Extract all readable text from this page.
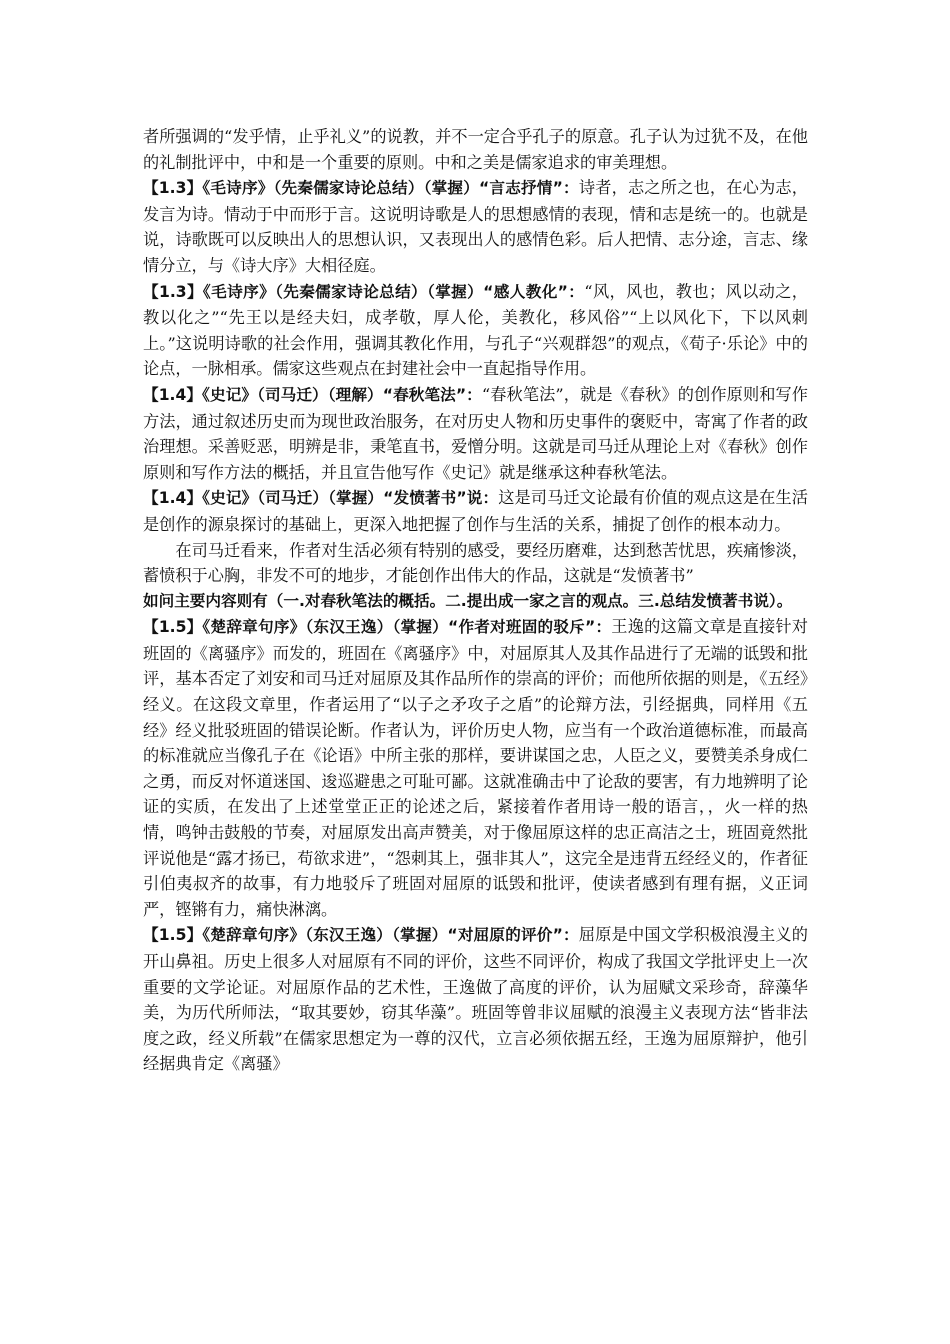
者所强调的“发乎情，止乎礼义”的说教，并不一定合乎孔子的原意。孔子认为过犹不及，在他的礼制批评中，中和是一个重要的原则。中和之美是儒家追求的审美理想。

【1.3】《毛诗序》（先秦儒家诗论总结）（掌握）“言志抒情”：诗者，志之所之也，在心为志，发言为诗。情动于中而形于言。这说明诗歌是人的思想感情的表现，情和志是统一的。也就是说，诗歌既可以反映出人的思想认识，又表现出人的感情色彩。后人把情、志分途，言志、缘情分立，与《诗大序》大相径庭。

【1.3】《毛诗序》（先秦儒家诗论总结）（掌握）“感人教化”：“风，风也，教也；风以动之，教以化之”“先王以是经夫妇，成孝敬，厚人伦，美教化，移风俗”“上以风化下，下以风刺上。”这说明诗歌的社会作用，强调其教化作用，与孔子“兴观群怨”的观点，《荀子·乐论》中的论点，一脉相承。儒家这些观点在封建社会中一直起指导作用。

【1.4】《史记》（司马迁）（理解）“春秋笔法”：“春秋笔法”，就是《春秋》的创作原则和写作方法，通过叙述历史而为现世政治服务，在对历史人物和历史事件的褒贬中，寄寓了作者的政治理想。采善贬恶，明辨是非，秉笔直书，爱憎分明。这就是司马迁从理论上对《春秋》创作原则和写作方法的概括，并且宣告他写作《史记》就是继承这种春秋笔法。

【1.4】《史记》（司马迁）（掌握）“发愤著书”说：这是司马迁文论最有价值的观点这是在生活是创作的源泉探讨的基础上，更深入地把握了创作与生活的关系，捕捉了创作的根本动力。

在司马迁看来，作者对生活必须有特别的感受，要经历磨难，达到愁苦忧思，疾痛惨淡，蓄愤积于心胸，非发不可的地步，才能创作出伟大的作品，这就是“发愤著书”

如问主要内容则有（一.对春秋笔法的概括。二.提出成一家之言的观点。三.总结发愤著书说）。

【1.5】《楚辞章句序》（东汉王逸）（掌握）“作者对班固的驳斥”：王逸的这篇文章是直接针对班固的《离骚序》而发的，班固在《离骚序》中，对屈原其人及其作品进行了无端的诋毁和批评，基本否定了刘安和司马迁对屈原及其作品所作的崇高的评价；而他所依据的则是，《五经》经义。在这段文章里，作者运用了“以子之矛攻子之盾”的论辩方法，引经据典，同样用《五经》经义批驳班固的错误论断。作者认为，评价历史人物，应当有一个政治道德标准，而最高的标准就应当像孔子在《论语》中所主张的那样，要讲谋国之忠，人臣之义，要赞美杀身成仁之勇，而反对怀道迷国、逡巡避患之可耻可鄙。这就准确击中了论敌的要害，有力地辨明了论证的实质，在发出了上述堂堂正正的论述之后，紧接着作者用诗一般的语言，，火一样的热情，鸣钟击鼓般的节奏，对屈原发出高声赞美，对于像屈原这样的忠正高洁之士，班固竟然批评说他是“露才扬已，苟欲求进”，“怨刺其上，强非其人”，这完全是违背五经经义的，作者征引伯夷叔齐的故事，有力地驳斥了班固对屈原的诋毁和批评，使读者感到有理有据，义正词严，铿锵有力，痛快淋漓。

【1.5】《楚辞章句序》（东汉王逸）（掌握）“对屈原的评价”：屈原是中国文学积极浪漫主义的开山鼻祖。历史上很多人对屈原有不同的评价，这些不同评价，构成了我国文学批评史上一次重要的文学论证。对屈原作品的艺术性，王逸做了高度的评价，认为屈赋文采珍奇，辞藻华美，为历代所师法，“取其要妙，窃其华藻”。班固等曾非议屈赋的浪漫主义表现方法“皆非法度之政，经义所载”在儒家思想定为一尊的汉代，立言必须依据五经，王逸为屈原辩护，他引经据典肯定《离骚》
